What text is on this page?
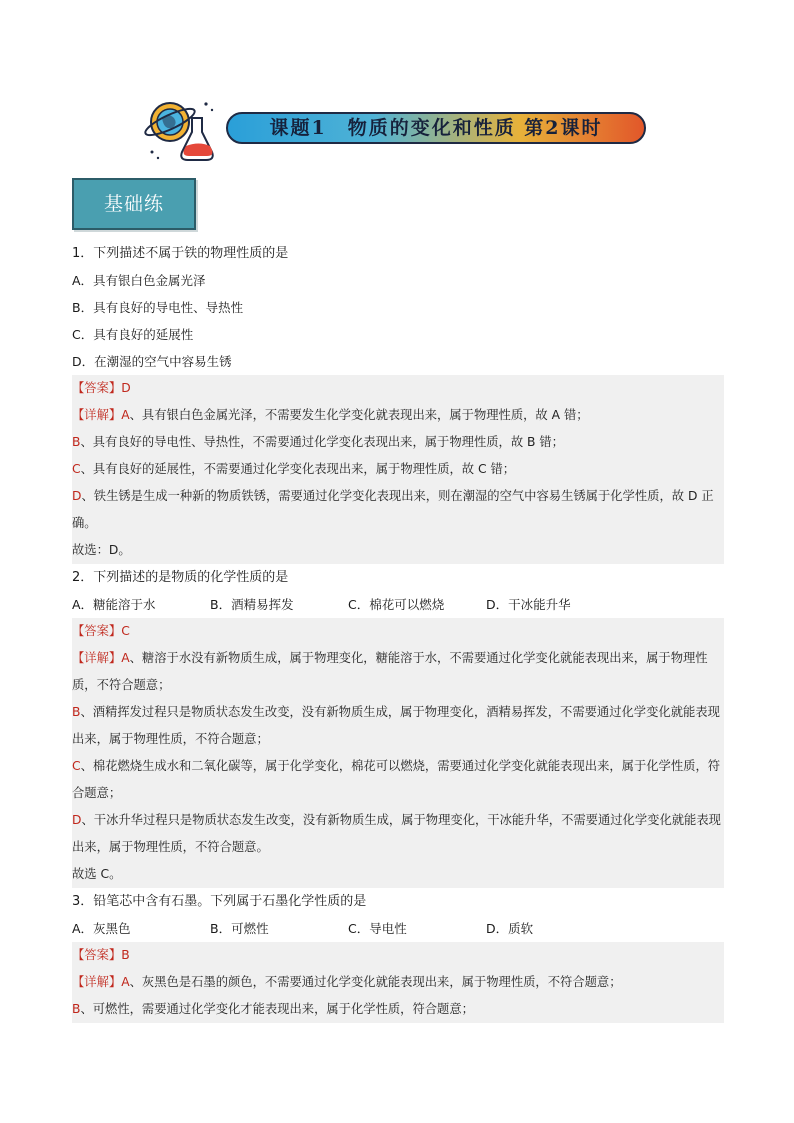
课题1　物质的变化和性质 第2课时
基础练
1．下列描述不属于铁的物理性质的是
A．具有银白色金属光泽
B．具有良好的导电性、导热性
C．具有良好的延展性
D．在潮湿的空气中容易生锈
【答案】D
【详解】A、具有银白色金属光泽，不需要发生化学变化就表现出来，属于物理性质，故 A 错；
B、具有良好的导电性、导热性，不需要通过化学变化表现出来，属于物理性质，故 B 错；
C、具有良好的延展性，不需要通过化学变化表现出来，属于物理性质，故 C 错；
D、铁生锈是生成一种新的物质铁锈，需要通过化学变化表现出来，则在潮湿的空气中容易生锈属于化学性质，故 D 正确。
故选：D。
2．下列描述的是物质的化学性质的是
A．糖能溶于水	B．酒精易挥发	C．棉花可以燃烧	D．干冰能升华
【答案】C
【详解】A、糖溶于水没有新物质生成，属于物理变化，糖能溶于水，不需要通过化学变化就能表现出来，属于物理性质，不符合题意；
B、酒精挥发过程只是物质状态发生改变，没有新物质生成，属于物理变化，酒精易挥发，不需要通过化学变化就能表现出来，属于物理性质，不符合题意；
C、棉花燃烧生成水和二氧化碳等，属于化学变化，棉花可以燃烧，需要通过化学变化就能表现出来，属于化学性质，符合题意；
D、干冰升华过程只是物质状态发生改变，没有新物质生成，属于物理变化，干冰能升华，不需要通过化学变化就能表现出来，属于物理性质，不符合题意。
故选 C。
3．铅笔芯中含有石墨。下列属于石墨化学性质的是
A．灰黑色	B．可燃性	C．导电性	D．质软
【答案】B
【详解】A、灰黑色是石墨的颜色，不需要通过化学变化就能表现出来，属于物理性质，不符合题意；
B、可燃性，需要通过化学变化才能表现出来，属于化学性质，符合题意；
